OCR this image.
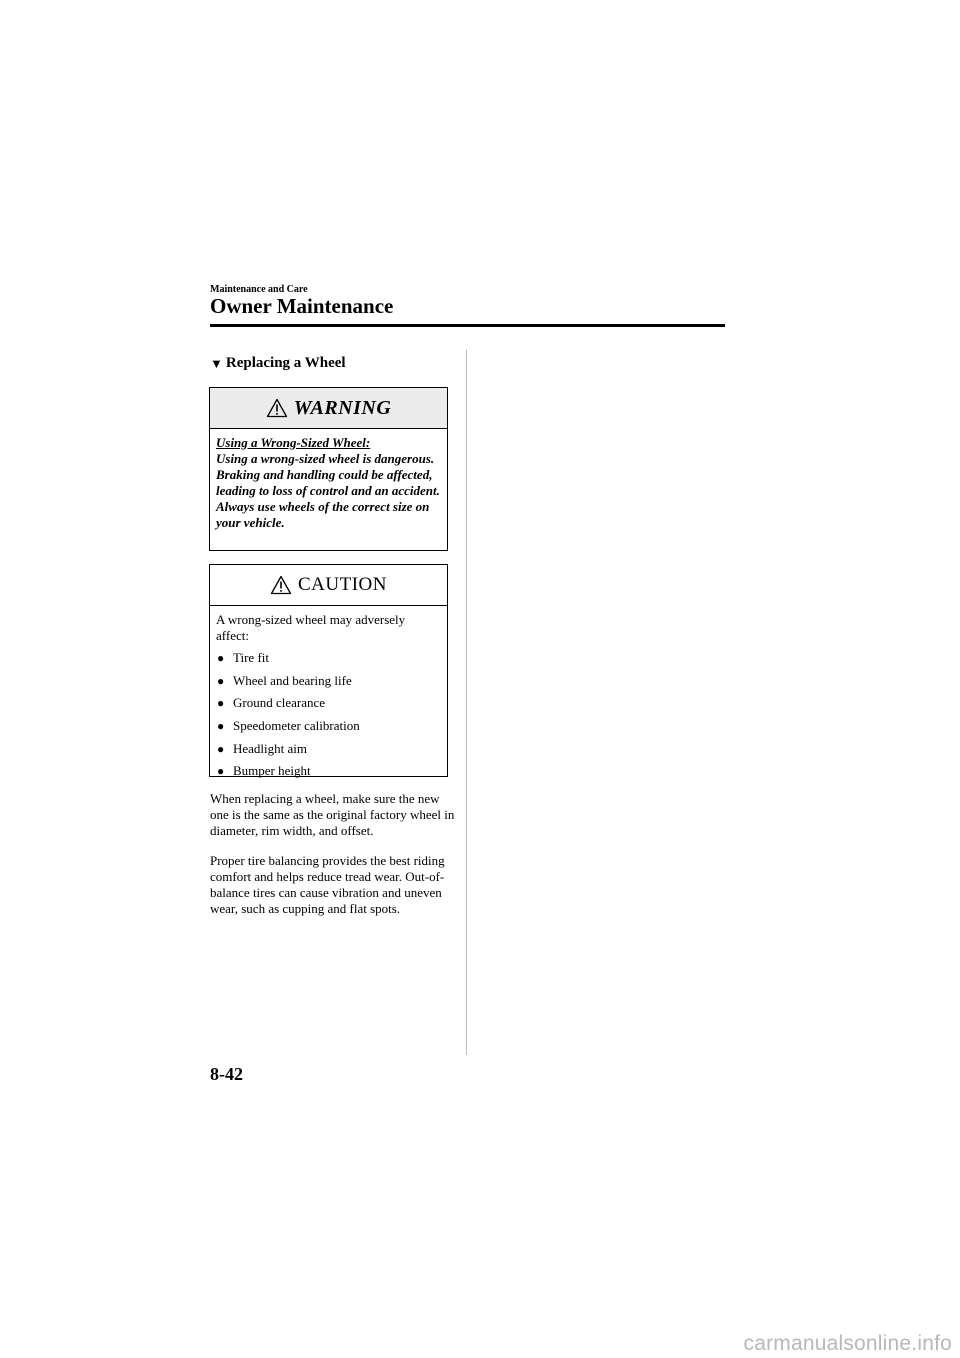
Maintenance and Care
Owner Maintenance
▼ Replacing a Wheel
WARNING
Using a Wrong-Sized Wheel:
Using a wrong-sized wheel is dangerous. Braking and handling could be affected, leading to loss of control and an accident. Always use wheels of the correct size on your vehicle.
CAUTION
A wrong-sized wheel may adversely affect:
● Tire fit
● Wheel and bearing life
● Ground clearance
● Speedometer calibration
● Headlight aim
● Bumper height
When replacing a wheel, make sure the new one is the same as the original factory wheel in diameter, rim width, and offset.
Proper tire balancing provides the best riding comfort and helps reduce tread wear. Out-of-balance tires can cause vibration and uneven wear, such as cupping and flat spots.
8-42
carmanualsonline.info
